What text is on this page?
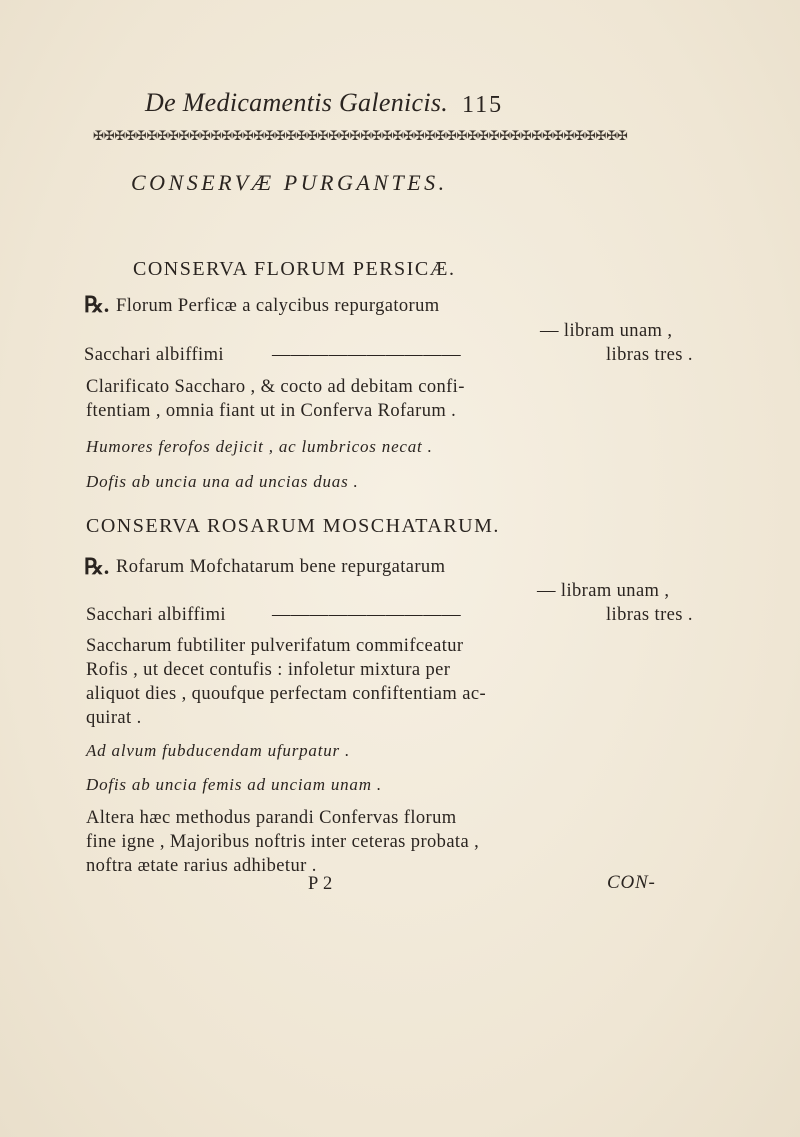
De Medicamentis Galenicis. 115
✠✠✠✠✠✠✠✠✠✠✠✠✠✠✠✠✠✠✠✠✠✠✠✠✠✠✠✠✠✠✠✠✠✠✠✠✠✠✠✠✠✠✠✠✠✠✠✠✠✠
CONSERVÆ PURGANTES.
CONSERVA FLORUM PERSICÆ.
℞. Florum Perficæ a calycibus repurgatorum
— libram unam ,
Sacchari albiffimi	——————————	libras tres .
Clarificato Saccharo , & cocto ad debitam confi-
ftentiam , omnia fiant ut in Conferva Rofarum .
Humores ferofos dejicit , ac lumbricos necat .
Dofis ab uncia una ad uncias duas .
CONSERVA ROSARUM MOSCHATARUM.
℞. Rofarum Mofchatarum bene repurgatarum
— libram unam ,
Sacchari albiffimi ——————————	libras tres .
Saccharum fubtiliter pulverifatum commifceatur
Rofis , ut decet contufis : infoletur mixtura per
aliquot dies , quoufque perfectam confiftentiam ac-
quirat .
Ad alvum fubducendam ufurpatur .
Dofis ab uncia femis ad unciam unam .
Altera hæc methodus parandi Confervas florum
fine igne , Majoribus noftris inter ceteras probata ,
noftra ætate rarius adhibetur .
P 2	CON-
